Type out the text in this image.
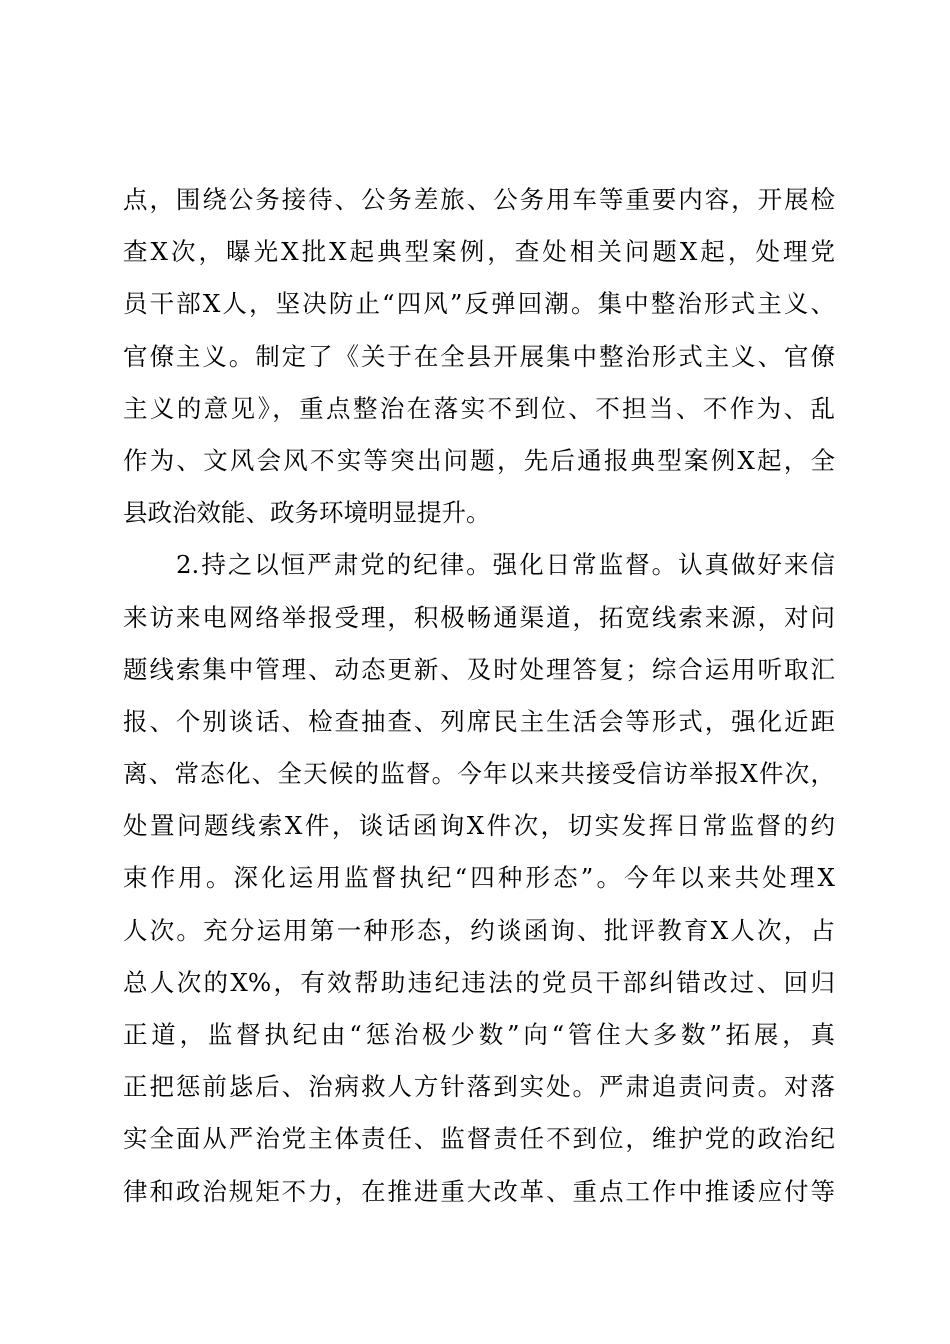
点，围绕公务接待、公务差旅、公务用车等重要内容，开展检
查X次，曝光X批X起典型案例，查处相关问题X起，处理党
员干部X人，坚决防止“四风”反弹回潮。集中整治形式主义、
官僚主义。制定了《关于在全县开展集中整治形式主义、官僚
主义的意见》，重点整治在落实不到位、不担当、不作为、乱
作为、文风会风不实等突出问题，先后通报典型案例X起，全
县政治效能、政务环境明显提升。
　　2.持之以恒严肃党的纪律。强化日常监督。认真做好来信
来访来电网络举报受理，积极畅通渠道，拓宽线索来源，对问
题线索集中管理、动态更新、及时处理答复；综合运用听取汇
报、个别谈话、检查抽查、列席民主生活会等形式，强化近距
离、常态化、全天候的监督。今年以来共接受信访举报X件次，
处置问题线索X件，谈话函询X件次，切实发挥日常监督的约
束作用。深化运用监督执纪“四种形态”。今年以来共处理X
人次。充分运用第一种形态，约谈函询、批评教育X人次，占
总人次的X%，有效帮助违纪违法的党员干部纠错改过、回归
正道，监督执纪由“惩治极少数”向“管住大多数”拓展，真
正把惩前毖后、治病救人方针落到实处。严肃追责问责。对落
实全面从严治党主体责任、监督责任不到位，维护党的政治纪
律和政治规矩不力，在推进重大改革、重点工作中推诿应付等
